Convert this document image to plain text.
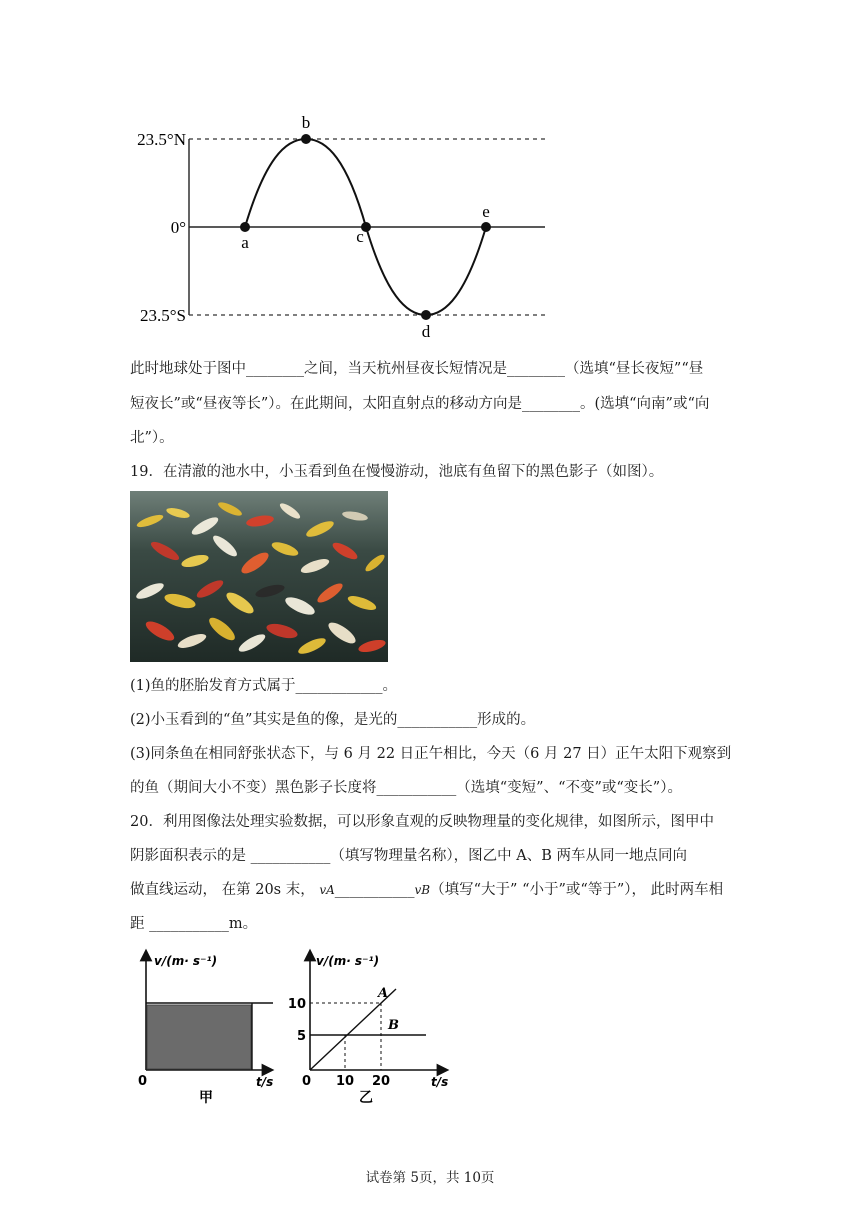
23.5°N
0°
23.5°S
a
b
c
d
e
此时地球处于图中________之间，当天杭州昼夜长短情况是________（选填“昼长夜短”“昼
短夜长”或“昼夜等长”）。在此期间，太阳直射点的移动方向是________。(选填“向南”或“向
北”）。
19．在清澈的池水中，小玉看到鱼在慢慢游动，池底有鱼留下的黑色影子（如图）。
(1)鱼的胚胎发育方式属于____________。
(2)小玉看到的“鱼”其实是鱼的像，是光的___________形成的。
(3)同条鱼在相同舒张状态下，与 6 月 22 日正午相比，今天（6 月 27 日）正午太阳下观察到
的鱼（期间大小不变）黑色影子长度将___________（选填“变短”、“不变”或“变长”）。
20．利用图像法处理实验数据，可以形象直观的反映物理量的变化规律，如图所示，图甲中
阴影面积表示的是 ___________（填写物理量名称），图乙中 A、B 两车从同一地点同向
做直线运动， 在第 20s 末， vA___________vB（填写“大于” “小于”或“等于”）， 此时两车相
距 ___________m。
v/(m· s⁻¹)
0	t/s
甲
v/(m· s⁻¹)
10
5
0 10 20	t/s
A
B
乙
试卷第 5页，共 10页
